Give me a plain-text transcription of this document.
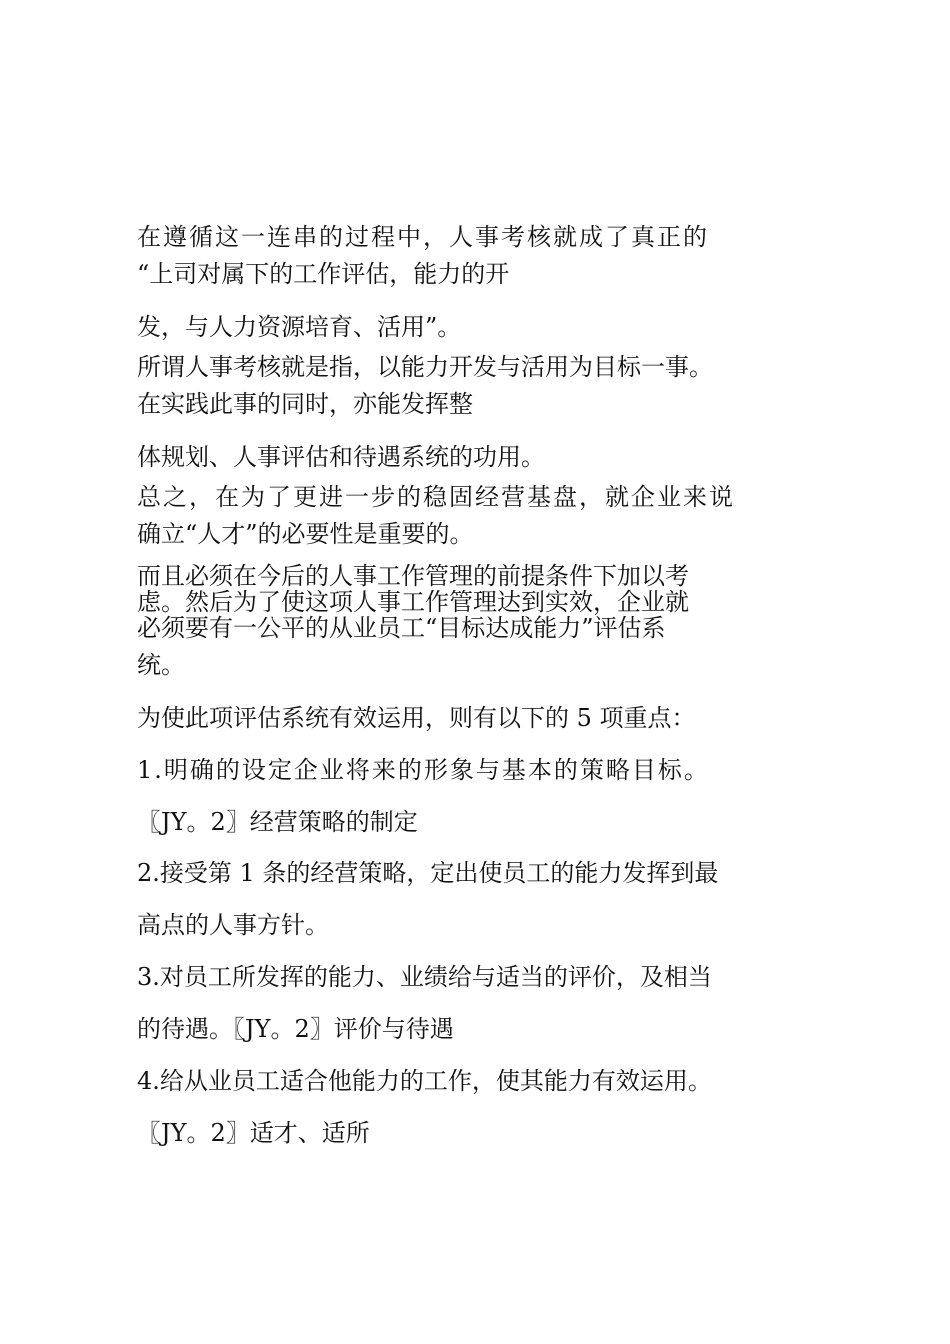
在遵循这一连串的过程中，人事考核就成了真正的
“上司对属下的工作评估，能力的开
发，与人力资源培育、活用”。
所谓人事考核就是指，以能力开发与活用为目标一事。
在实践此事的同时，亦能发挥整
体规划、人事评估和待遇系统的功用。
总之，在为了更进一步的稳固经营基盘，就企业来说
确立“人才”的必要性是重要的。
而且必须在今后的人事工作管理的前提条件下加以考
虑。然后为了使这项人事工作管理达到实效，企业就
必须要有一公平的从业员工“目标达成能力”评估系
统。
为使此项评估系统有效运用，则有以下的 5 项重点：
1.明确的设定企业将来的形象与基本的策略目标。
〖JY。2〗经营策略的制定
2.接受第 1 条的经营策略，定出使员工的能力发挥到最
高点的人事方针。
3.对员工所发挥的能力、业绩给与适当的评价，及相当
的待遇。〖JY。2〗评价与待遇
4.给从业员工适合他能力的工作，使其能力有效运用。
〖JY。2〗适才、适所
